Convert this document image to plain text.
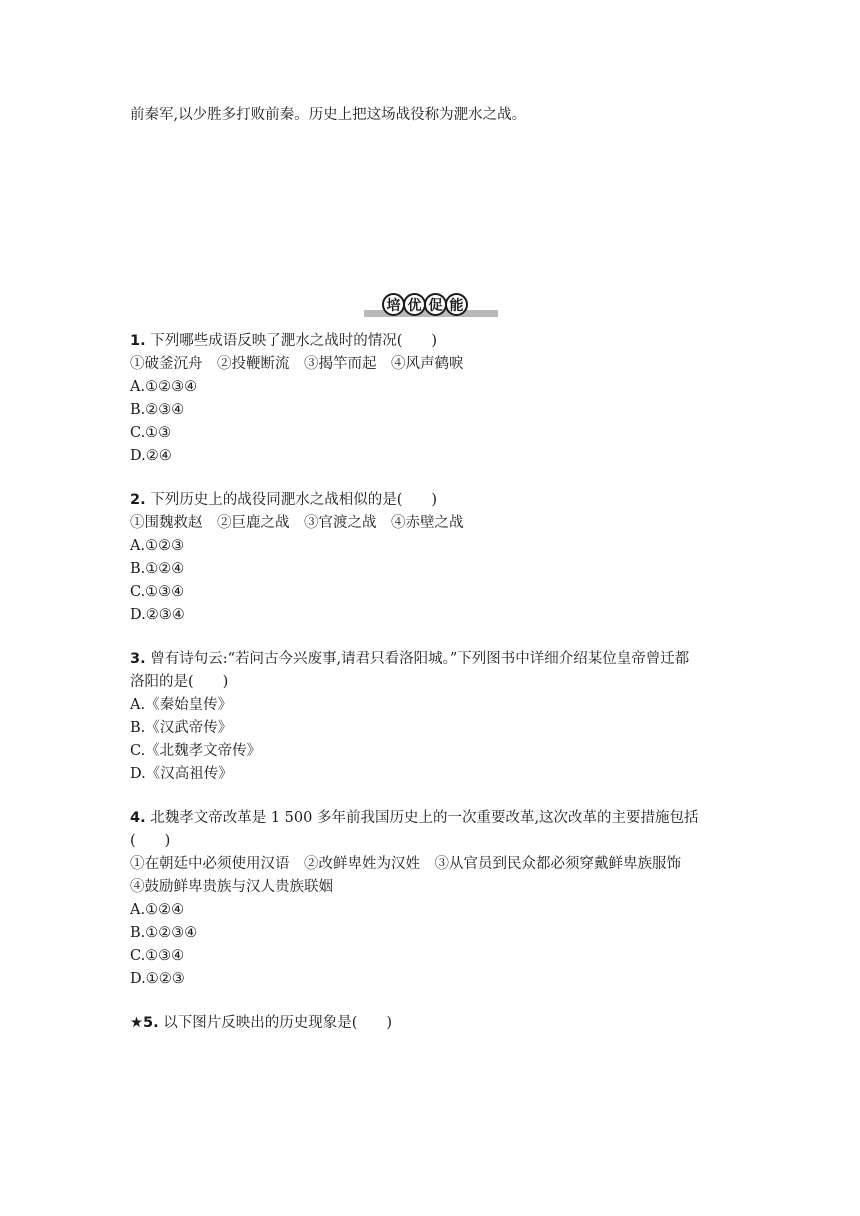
前秦军,以少胜多打败前秦。历史上把这场战役称为淝水之战。
培 优 促 能
1. 下列哪些成语反映了淝水之战时的情况(　　)
①破釜沉舟　②投鞭断流　③揭竿而起　④风声鹤唳
A.①②③④
B.②③④
C.①③
D.②④
2. 下列历史上的战役同淝水之战相似的是(　　)
①围魏救赵　②巨鹿之战　③官渡之战　④赤壁之战
A.①②③
B.①②④
C.①③④
D.②③④
3. 曾有诗句云:“若问古今兴废事,请君只看洛阳城。”下列图书中详细介绍某位皇帝曾迁都
洛阳的是(　　)
A.《秦始皇传》
B.《汉武帝传》
C.《北魏孝文帝传》
D.《汉高祖传》
4. 北魏孝文帝改革是 1 500 多年前我国历史上的一次重要改革,这次改革的主要措施包括
(　　)
①在朝廷中必须使用汉语　②改鲜卑姓为汉姓　③从官员到民众都必须穿戴鲜卑族服饰
④鼓励鲜卑贵族与汉人贵族联姻
A.①②④
B.①②③④
C.①③④
D.①②③
★5. 以下图片反映出的历史现象是(　　)
